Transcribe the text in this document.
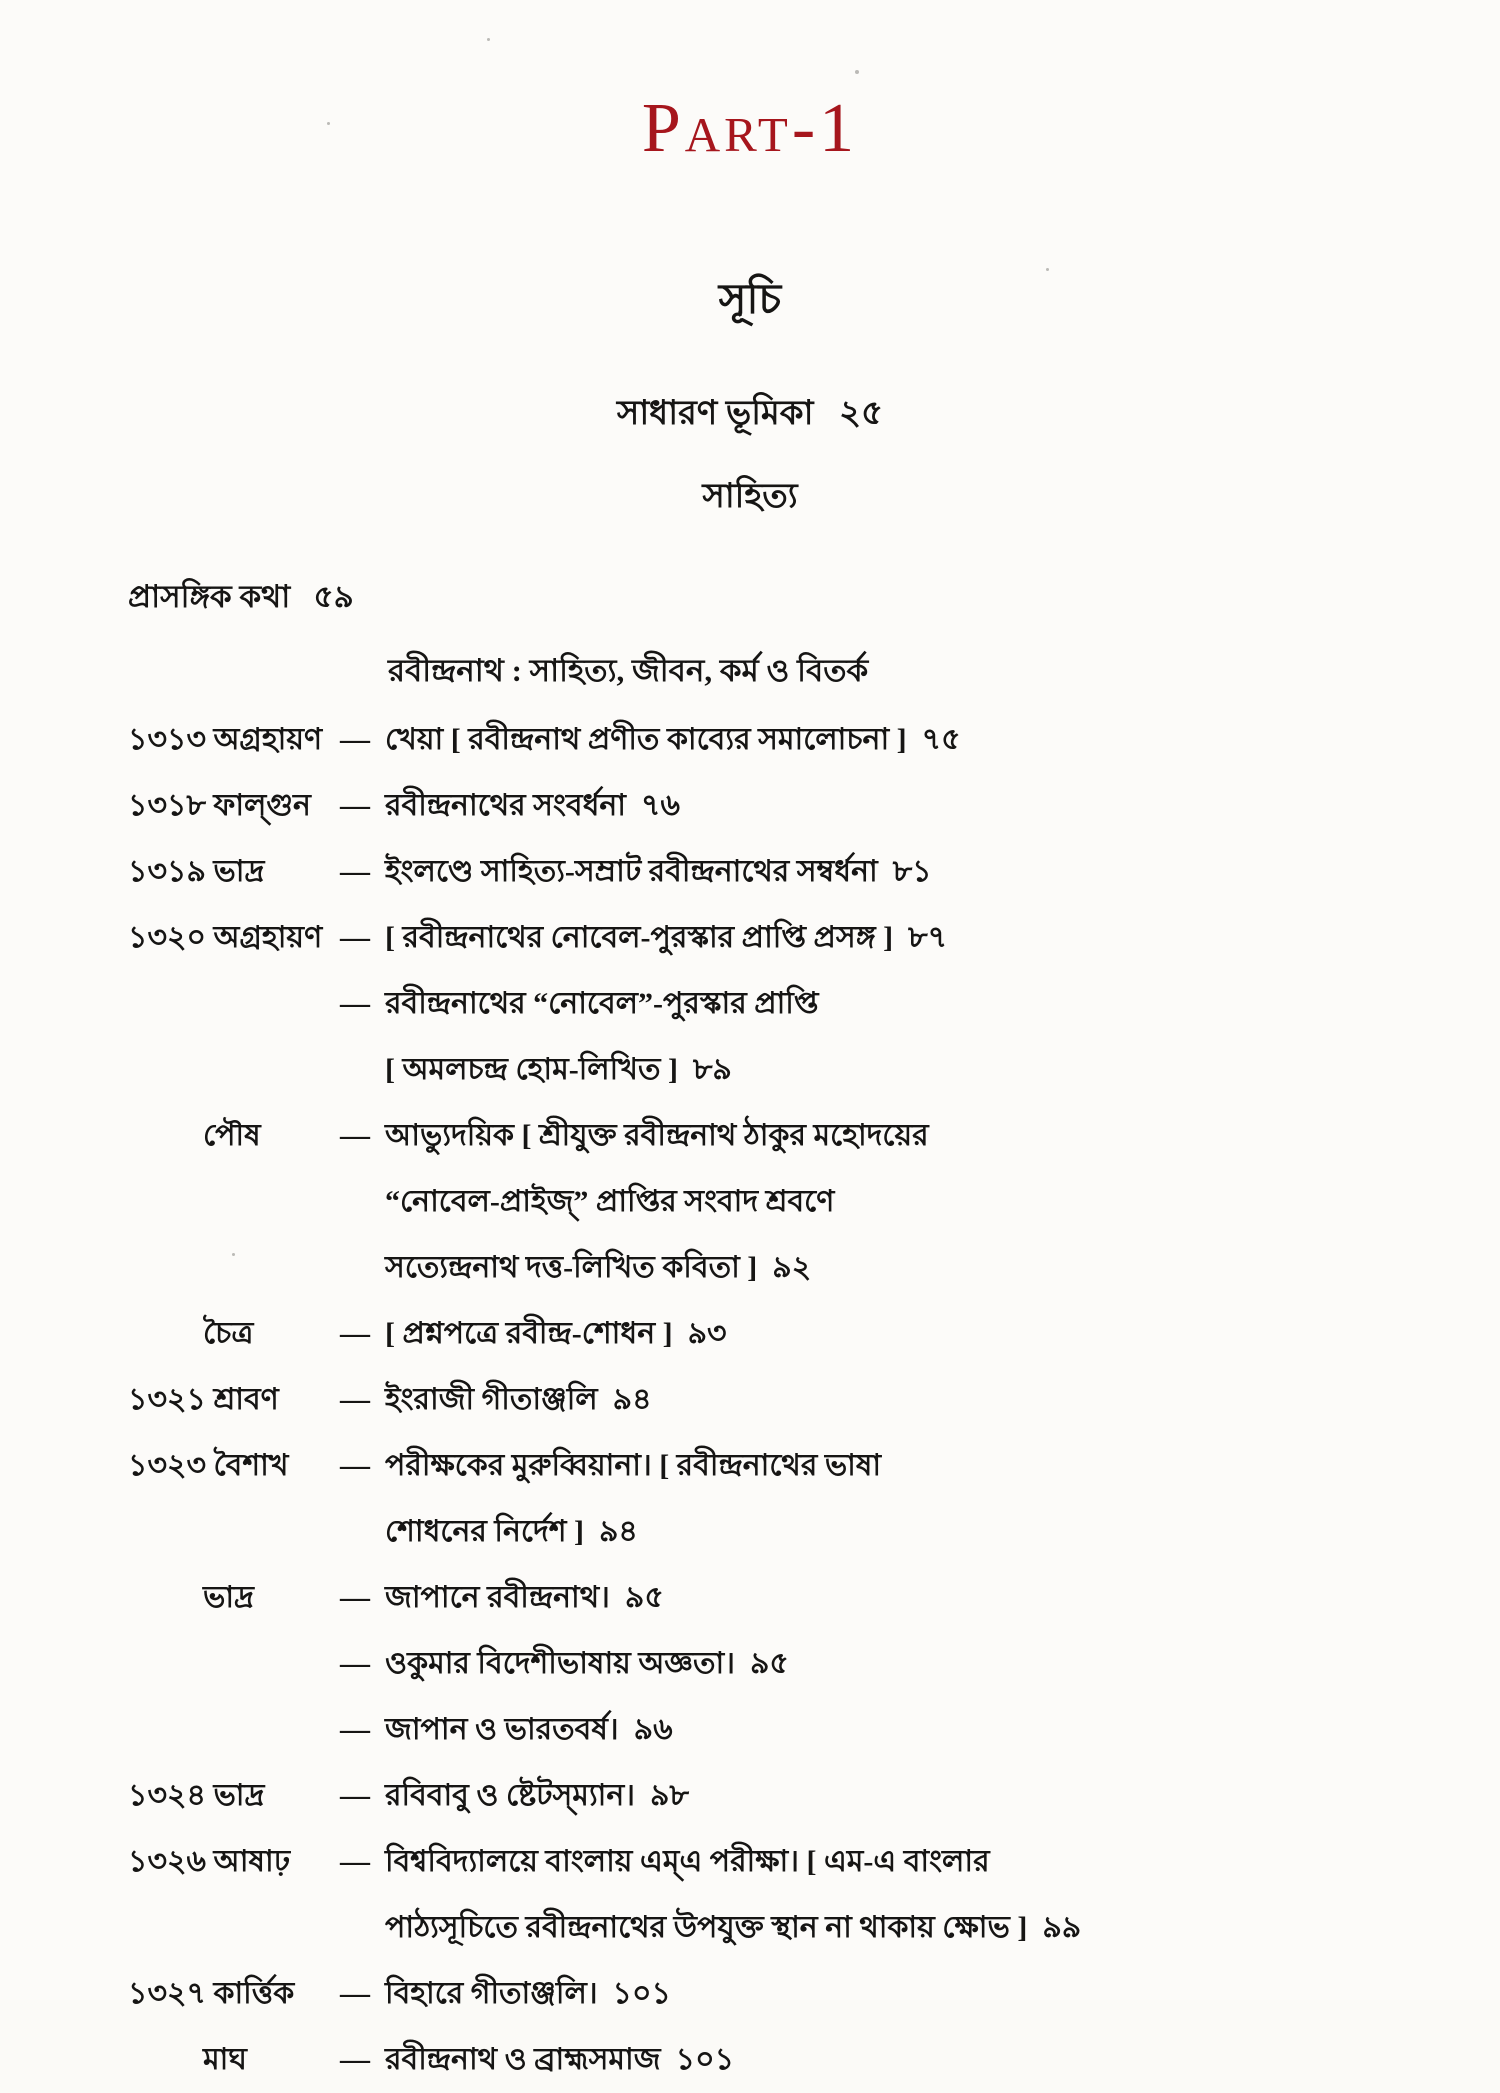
Part-1
সূচি
সাধারণ ভূমিকা   ২৫
সাহিত্য
প্রাসঙ্গিক কথা   ৫৯
রবীন্দ্রনাথ : সাহিত্য, জীবন, কর্ম ও বিতর্ক
১৩১৩ অগ্রহায়ণ — খেয়া [ রবীন্দ্রনাথ প্রণীত কাব্যের সমালোচনা ]  ৭৫
১৩১৮ ফাল্গুন — রবীন্দ্রনাথের সংবর্ধনা  ৭৬
১৩১৯ ভাদ্র	— ইংলণ্ডে সাহিত্য-সম্রাট রবীন্দ্রনাথের সম্বর্ধনা  ৮১
১৩২০ অগ্রহায়ণ — [ রবীন্দ্রনাথের নোবেল-পুরস্কার প্রাপ্তি প্রসঙ্গ ]  ৮৭
— রবীন্দ্রনাথের “নোবেল”-পুরস্কার প্রাপ্তি
[ অমলচন্দ্র হোম-লিখিত ]  ৮৯
পৌষ	— আভ্যুদয়িক [ শ্রীযুক্ত রবীন্দ্রনাথ ঠাকুর মহোদয়ের
“নোবেল-প্রাইজ্‌” প্রাপ্তির সংবাদ শ্রবণে
সত্যেন্দ্রনাথ দত্ত-লিখিত কবিতা ]  ৯২
চৈত্র	— [ প্রশ্নপত্রে রবীন্দ্র-শোধন ]  ৯৩
১৩২১ শ্রাবণ	— ইংরাজী গীতাঞ্জলি  ৯৪
১৩২৩ বৈশাখ	— পরীক্ষকের মুরুব্বিয়ানা। [ রবীন্দ্রনাথের ভাষা
শোধনের নির্দেশ ]  ৯৪
ভাদ্র	— জাপানে রবীন্দ্রনাথ।  ৯৫
— ওকুমার বিদেশীভাষায় অজ্ঞতা।  ৯৫
— জাপান ও ভারতবর্ষ।  ৯৬
১৩২৪ ভাদ্র	— রবিবাবু ও ষ্টেটস্‌ম্যান।  ৯৮
১৩২৬ আষাঢ়	— বিশ্ববিদ্যালয়ে বাংলায় এম্‌এ পরীক্ষা। [ এম-এ বাংলার
পাঠ্যসূচিতে রবীন্দ্রনাথের উপযুক্ত স্থান না থাকায় ক্ষোভ ]  ৯৯
১৩২৭ কার্ত্তিক	— বিহারে গীতাঞ্জলি।  ১০১
মাঘ	— রবীন্দ্রনাথ ও ব্রাহ্মসমাজ  ১০১
